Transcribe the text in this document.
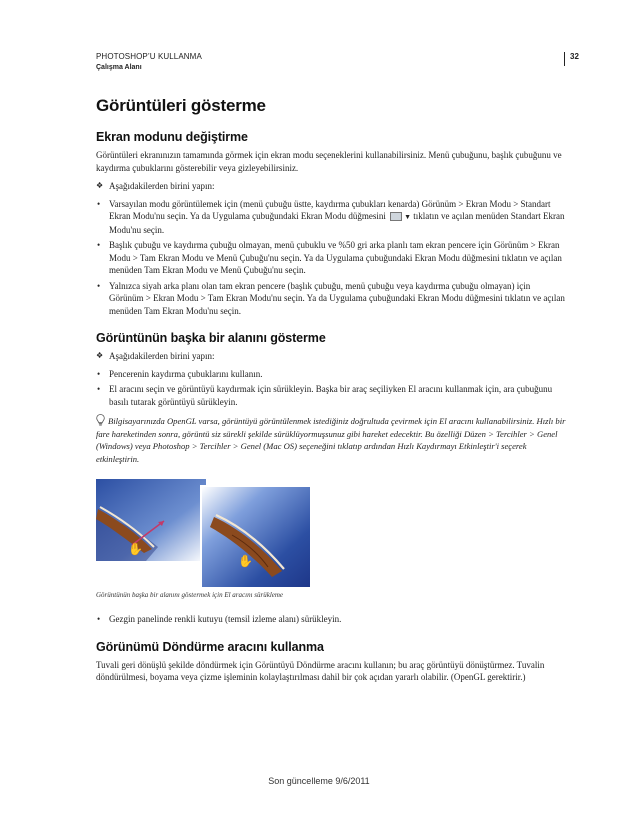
PHOTOSHOP’U KULLANMA
Çalışma Alanı
32
Görüntüleri gösterme
Ekran modunu değiştirme

Görüntüleri ekranınızın tamamında görmek için ekran modu seçeneklerini kullanabilirsiniz. Menü çubuğunu, başlık çubuğunu ve kaydırma çubuklarını gösterebilir veya gizleyebilirsiniz.

❖ Aşağıdakilerden birini yapın:
• Varsayılan modu görüntülemek için (menü çubuğu üstte, kaydırma çubukları kenarda) Görünüm > Ekran Modu > Standart Ekran Modu'nu seçin. Ya da Uygulama çubuğundaki Ekran Modu düğmesini	▼ tıklatın ve açılan menüden Standart Ekran Modu'nu seçin.
• Başlık çubuğu ve kaydırma çubuğu olmayan, menü çubuklu ve %50 gri arka planlı tam ekran pencere için Görünüm > Ekran Modu > Tam Ekran Modu ve Menü Çubuğu'nu seçin. Ya da Uygulama çubuğundaki Ekran Modu düğmesini tıklatın ve açılan menüden Tam Ekran Modu ve Menü Çubuğu'nu seçin.
• Yalnızca siyah arka planı olan tam ekran pencere (başlık çubuğu, menü çubuğu veya kaydırma çubuğu olmayan) için Görünüm > Ekran Modu > Tam Ekran Modu'nu seçin. Ya da Uygulama çubuğundaki Ekran Modu düğmesini tıklatın ve açılan menüden Tam Ekran Modu'nu seçin.
Görüntünün başka bir alanını gösterme
❖ Aşağıdakilerden birini yapın:
• Pencerenin kaydırma çubuklarını kullanın.
• El aracını seçin ve görüntüyü kaydırmak için sürükleyin. Başka bir araç seçiliyken El aracını kullanmak için, ara çubuğunu basılı tutarak görüntüyü sürükleyin.
Bilgisayarınızda OpenGL varsa, görüntüyü görüntülenmek istediğiniz doğrultuda çevirmek için El aracını kullanabilirsiniz. Hızlı bir fare hareketinden sonra, görüntü siz sürekli şekilde sürüklüyormuşsunuz gibi hareket edecektir. Bu özelliği Düzen > Tercihler > Genel (Windows) veya Photoshop > Tercihler > Genel (Mac OS) seçeneğini tıklatıp ardından Hızlı Kaydırmayı Etkinleştir'i seçerek etkinleştirin.
✋
✋
Görüntünün başka bir alanını göstermek için El aracını sürükleme
• Gezgin panelinde renkli kutuyu (temsil izleme alanı) sürükleyin.
Görünümü Döndürme aracını kullanma

Tuvali geri dönüşlü şekilde döndürmek için Görüntüyü Döndürme aracını kullanın; bu araç görüntüyü dönüştürmez. Tuvalin döndürülmesi, boyama veya çizme işleminin kolaylaştırılması dahil bir çok açıdan yararlı olabilir. (OpenGL gerektirir.)

Son güncelleme 9/6/2011
